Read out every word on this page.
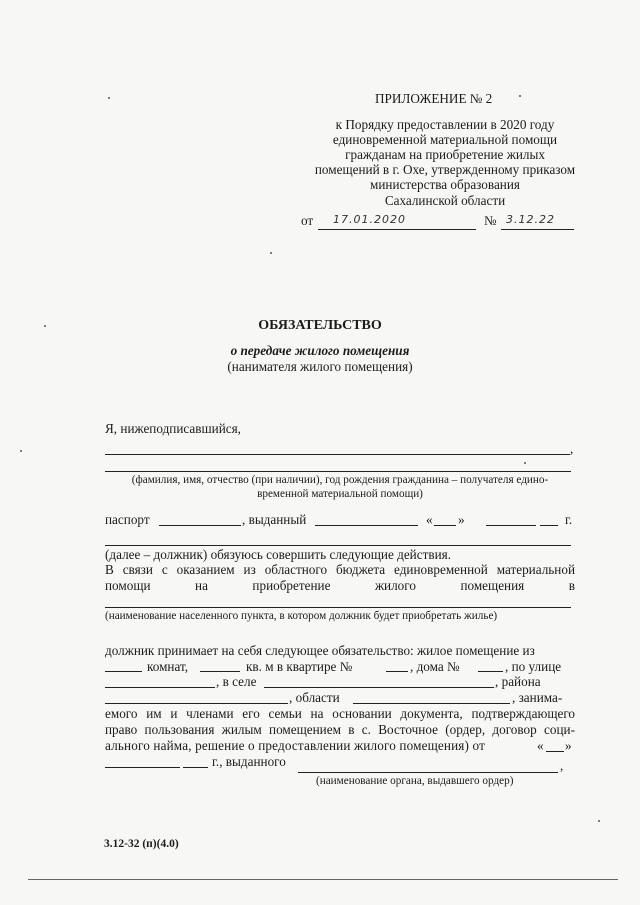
ПРИЛОЖЕНИЕ № 2
к Порядку предоставлении в 2020 году
единовременной материальной помощи
гражданам на приобретение жилых
помещений в г. Охе, утвержденному приказом
министерства образования
Сахалинской области
от 17.01.2020	№ 3.12.22
ОБЯЗАТЕЛЬСТВО
о передаче жилого помещения
(нанимателя жилого помещения)
Я, нижеподписавшийся,
,
(фамилия, имя, отчество (при наличии), год рождения гражданина – получателя едино-
временной материальной помощи)
паспорт	, выданный	« »	г.
(далее – должник) обязуюсь совершить следующие действия.
В связи с оказанием из областного бюджета единовременной материальной
помощи	на	приобретение	жилого	помещения	в
(наименование населенного пункта, в котором должник будет приобретать жилье)
должник принимает на себя следующее обязательство: жилое помещение из
комнат,	кв. м в квартире №	, дома №	, по улице
, в селе	, района
, области	, занима-
емого им и членами его семьи на основании документа, подтверждающего
право пользования жилым помещением в с. Восточное (ордер, договор соци-
ального найма, решение о предоставлении жилого помещения) от	« »
г., выданного	,
(наименование органа, выдавшего ордер)
3.12-32 (п)(4.0)
